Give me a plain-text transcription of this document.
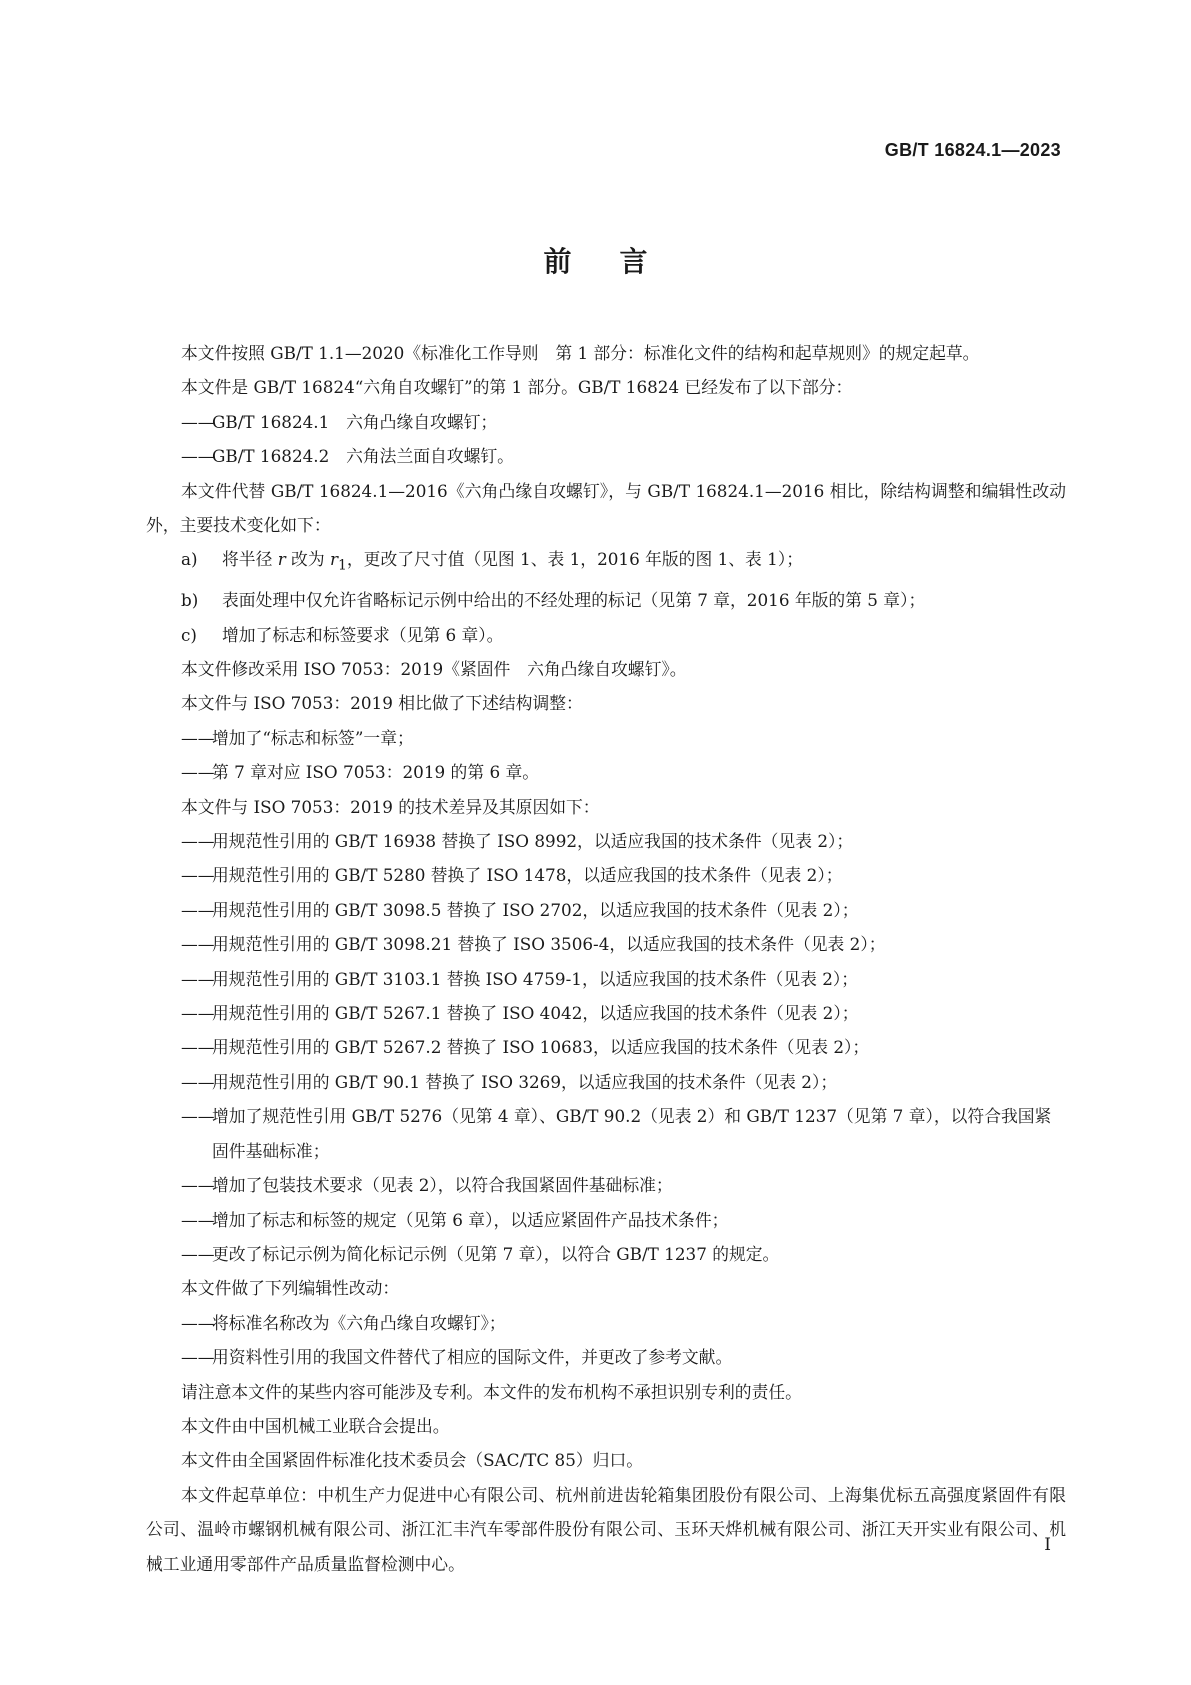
GB/T 16824.1—2023
前言

本文件按照 GB/T 1.1—2020《标准化工作导则　第 1 部分：标准化文件的结构和起草规则》的规定起草。

本文件是 GB/T 16824“六角自攻螺钉”的第 1 部分。GB/T 16824 已经发布了以下部分：

——
GB/T 16824.1　六角凸缘自攻螺钉；

——
GB/T 16824.2　六角法兰面自攻螺钉。

本文件代替 GB/T 16824.1—2016《六角凸缘自攻螺钉》，与 GB/T 16824.1—2016 相比，除结构调整和编辑性改动外，主要技术变化如下：

a) 将半径 r 改为 $r_1$，更改了尺寸值（见图 1、表 1，2016 年版的图 1、表 1）；

b) 表面处理中仅允许省略标记示例中给出的不经处理的标记（见第 7 章，2016 年版的第 5 章）；

c) 增加了标志和标签要求（见第 6 章）。

本文件修改采用 ISO 7053：2019《紧固件　六角凸缘自攻螺钉》。

本文件与 ISO 7053：2019 相比做了下述结构调整：

——
增加了“标志和标签”一章；

——
第 7 章对应 ISO 7053：2019 的第 6 章。

本文件与 ISO 7053：2019 的技术差异及其原因如下：

——
用规范性引用的 GB/T 16938 替换了 ISO 8992，以适应我国的技术条件（见表 2）；

——
用规范性引用的 GB/T 5280 替换了 ISO 1478，以适应我国的技术条件（见表 2）；

——
用规范性引用的 GB/T 3098.5 替换了 ISO 2702，以适应我国的技术条件（见表 2）；

——
用规范性引用的 GB/T 3098.21 替换了 ISO 3506-4，以适应我国的技术条件（见表 2）；

——
用规范性引用的 GB/T 3103.1 替换 ISO 4759-1，以适应我国的技术条件（见表 2）；

——
用规范性引用的 GB/T 5267.1 替换了 ISO 4042，以适应我国的技术条件（见表 2）；

——
用规范性引用的 GB/T 5267.2 替换了 ISO 10683，以适应我国的技术条件（见表 2）；

——
用规范性引用的 GB/T 90.1 替换了 ISO 3269，以适应我国的技术条件（见表 2）；

——
增加了规范性引用 GB/T 5276（见第 4 章）、GB/T 90.2（见表 2）和 GB/T 1237（见第 7 章），以符合我国紧固件基础标准；

——
增加了包装技术要求（见表 2），以符合我国紧固件基础标准；

——
增加了标志和标签的规定（见第 6 章），以适应紧固件产品技术条件；

——
更改了标记示例为简化标记示例（见第 7 章），以符合 GB/T 1237 的规定。

本文件做了下列编辑性改动：

——
将标准名称改为《六角凸缘自攻螺钉》；

——
用资料性引用的我国文件替代了相应的国际文件，并更改了参考文献。

请注意本文件的某些内容可能涉及专利。本文件的发布机构不承担识别专利的责任。

本文件由中国机械工业联合会提出。

本文件由全国紧固件标准化技术委员会（SAC/TC 85）归口。

本文件起草单位：中机生产力促进中心有限公司、杭州前进齿轮箱集团股份有限公司、上海集优标五高强度紧固件有限公司、温岭市螺钢机械有限公司、浙江汇丰汽车零部件股份有限公司、玉环天烨机械有限公司、浙江天开实业有限公司、机械工业通用零部件产品质量监督检测中心。

I
